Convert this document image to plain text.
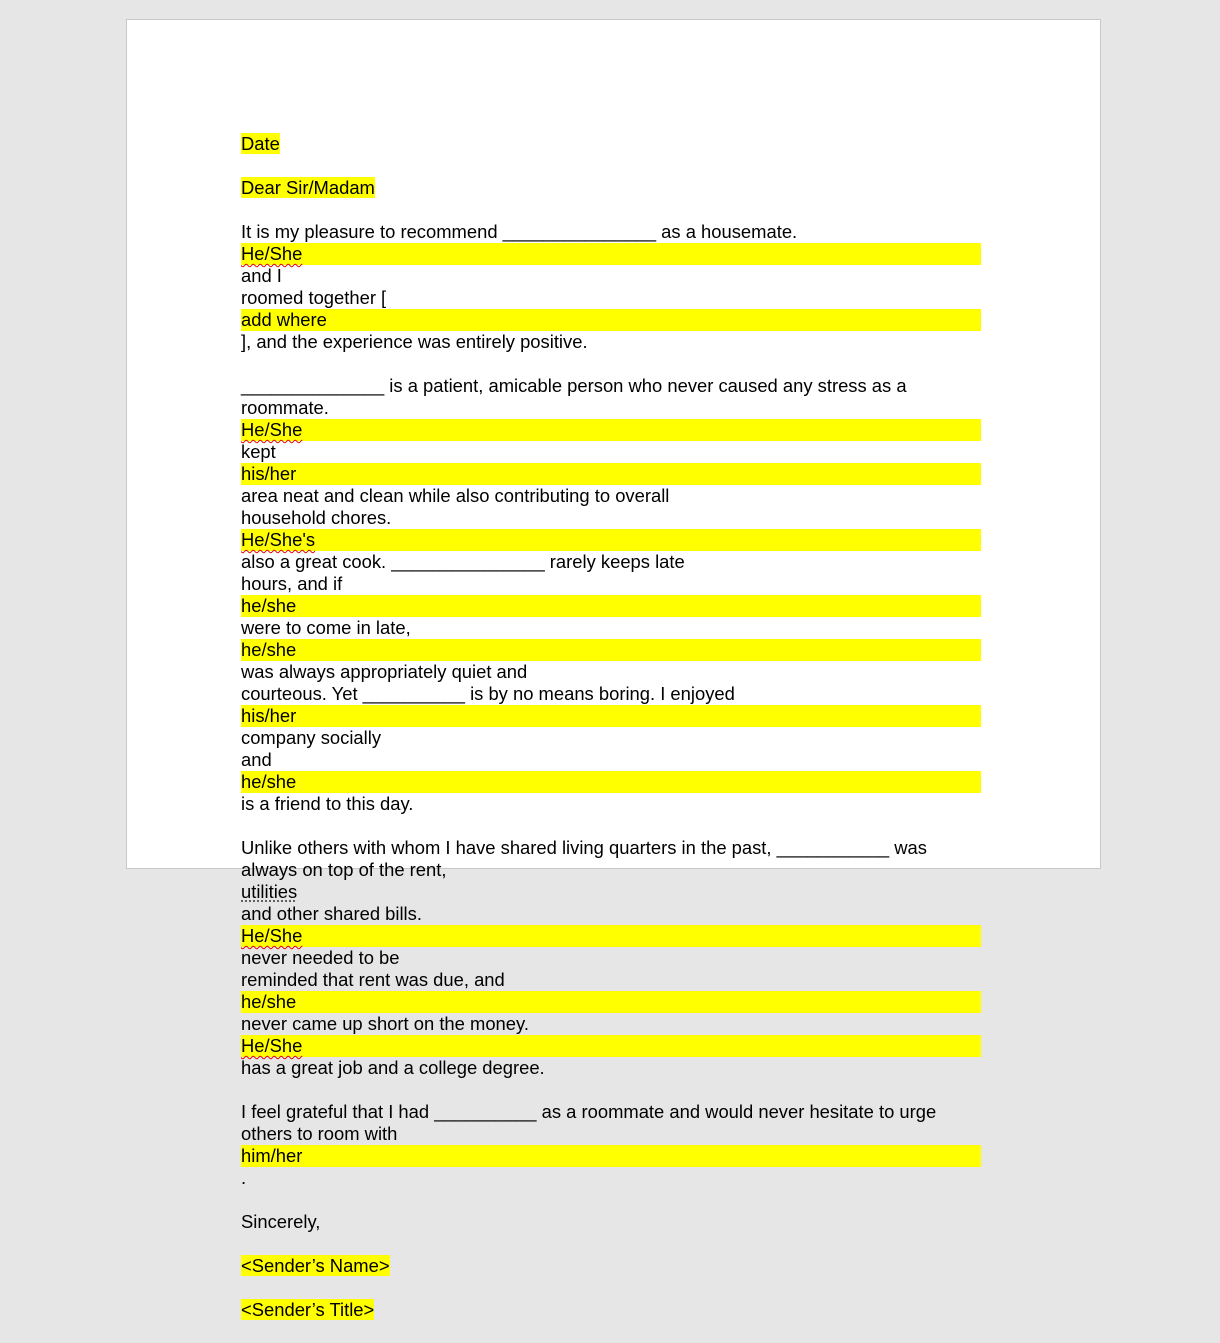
Date

Dear Sir/Madam

It is my pleasure to recommend _______________ as a housemate.
He/She
and I
roomed together [
add where
], and the experience was entirely positive.

______________ is a patient, amicable person who never caused any stress as a
roommate.
He/She
kept
his/her
area neat and clean while also contributing to overall
household chores.
He/She's
also a great cook. _______________ rarely keeps late
hours, and if
he/she
were to come in late,
he/she
was always appropriately quiet and
courteous. Yet __________ is by no means boring. I enjoyed
his/her
company socially
and
he/she
is a friend to this day.

Unlike others with whom I have shared living quarters in the past, ___________ was
always on top of the rent,
utilities
and other shared bills.
He/She
never needed to be
reminded that rent was due, and
he/she
never came up short on the money.
He/She
has a great job and a college degree.

I feel grateful that I had __________ as a roommate and would never hesitate to urge
others to room with
him/her
.

Sincerely,

<Sender’s Name>

<Sender’s Title>
